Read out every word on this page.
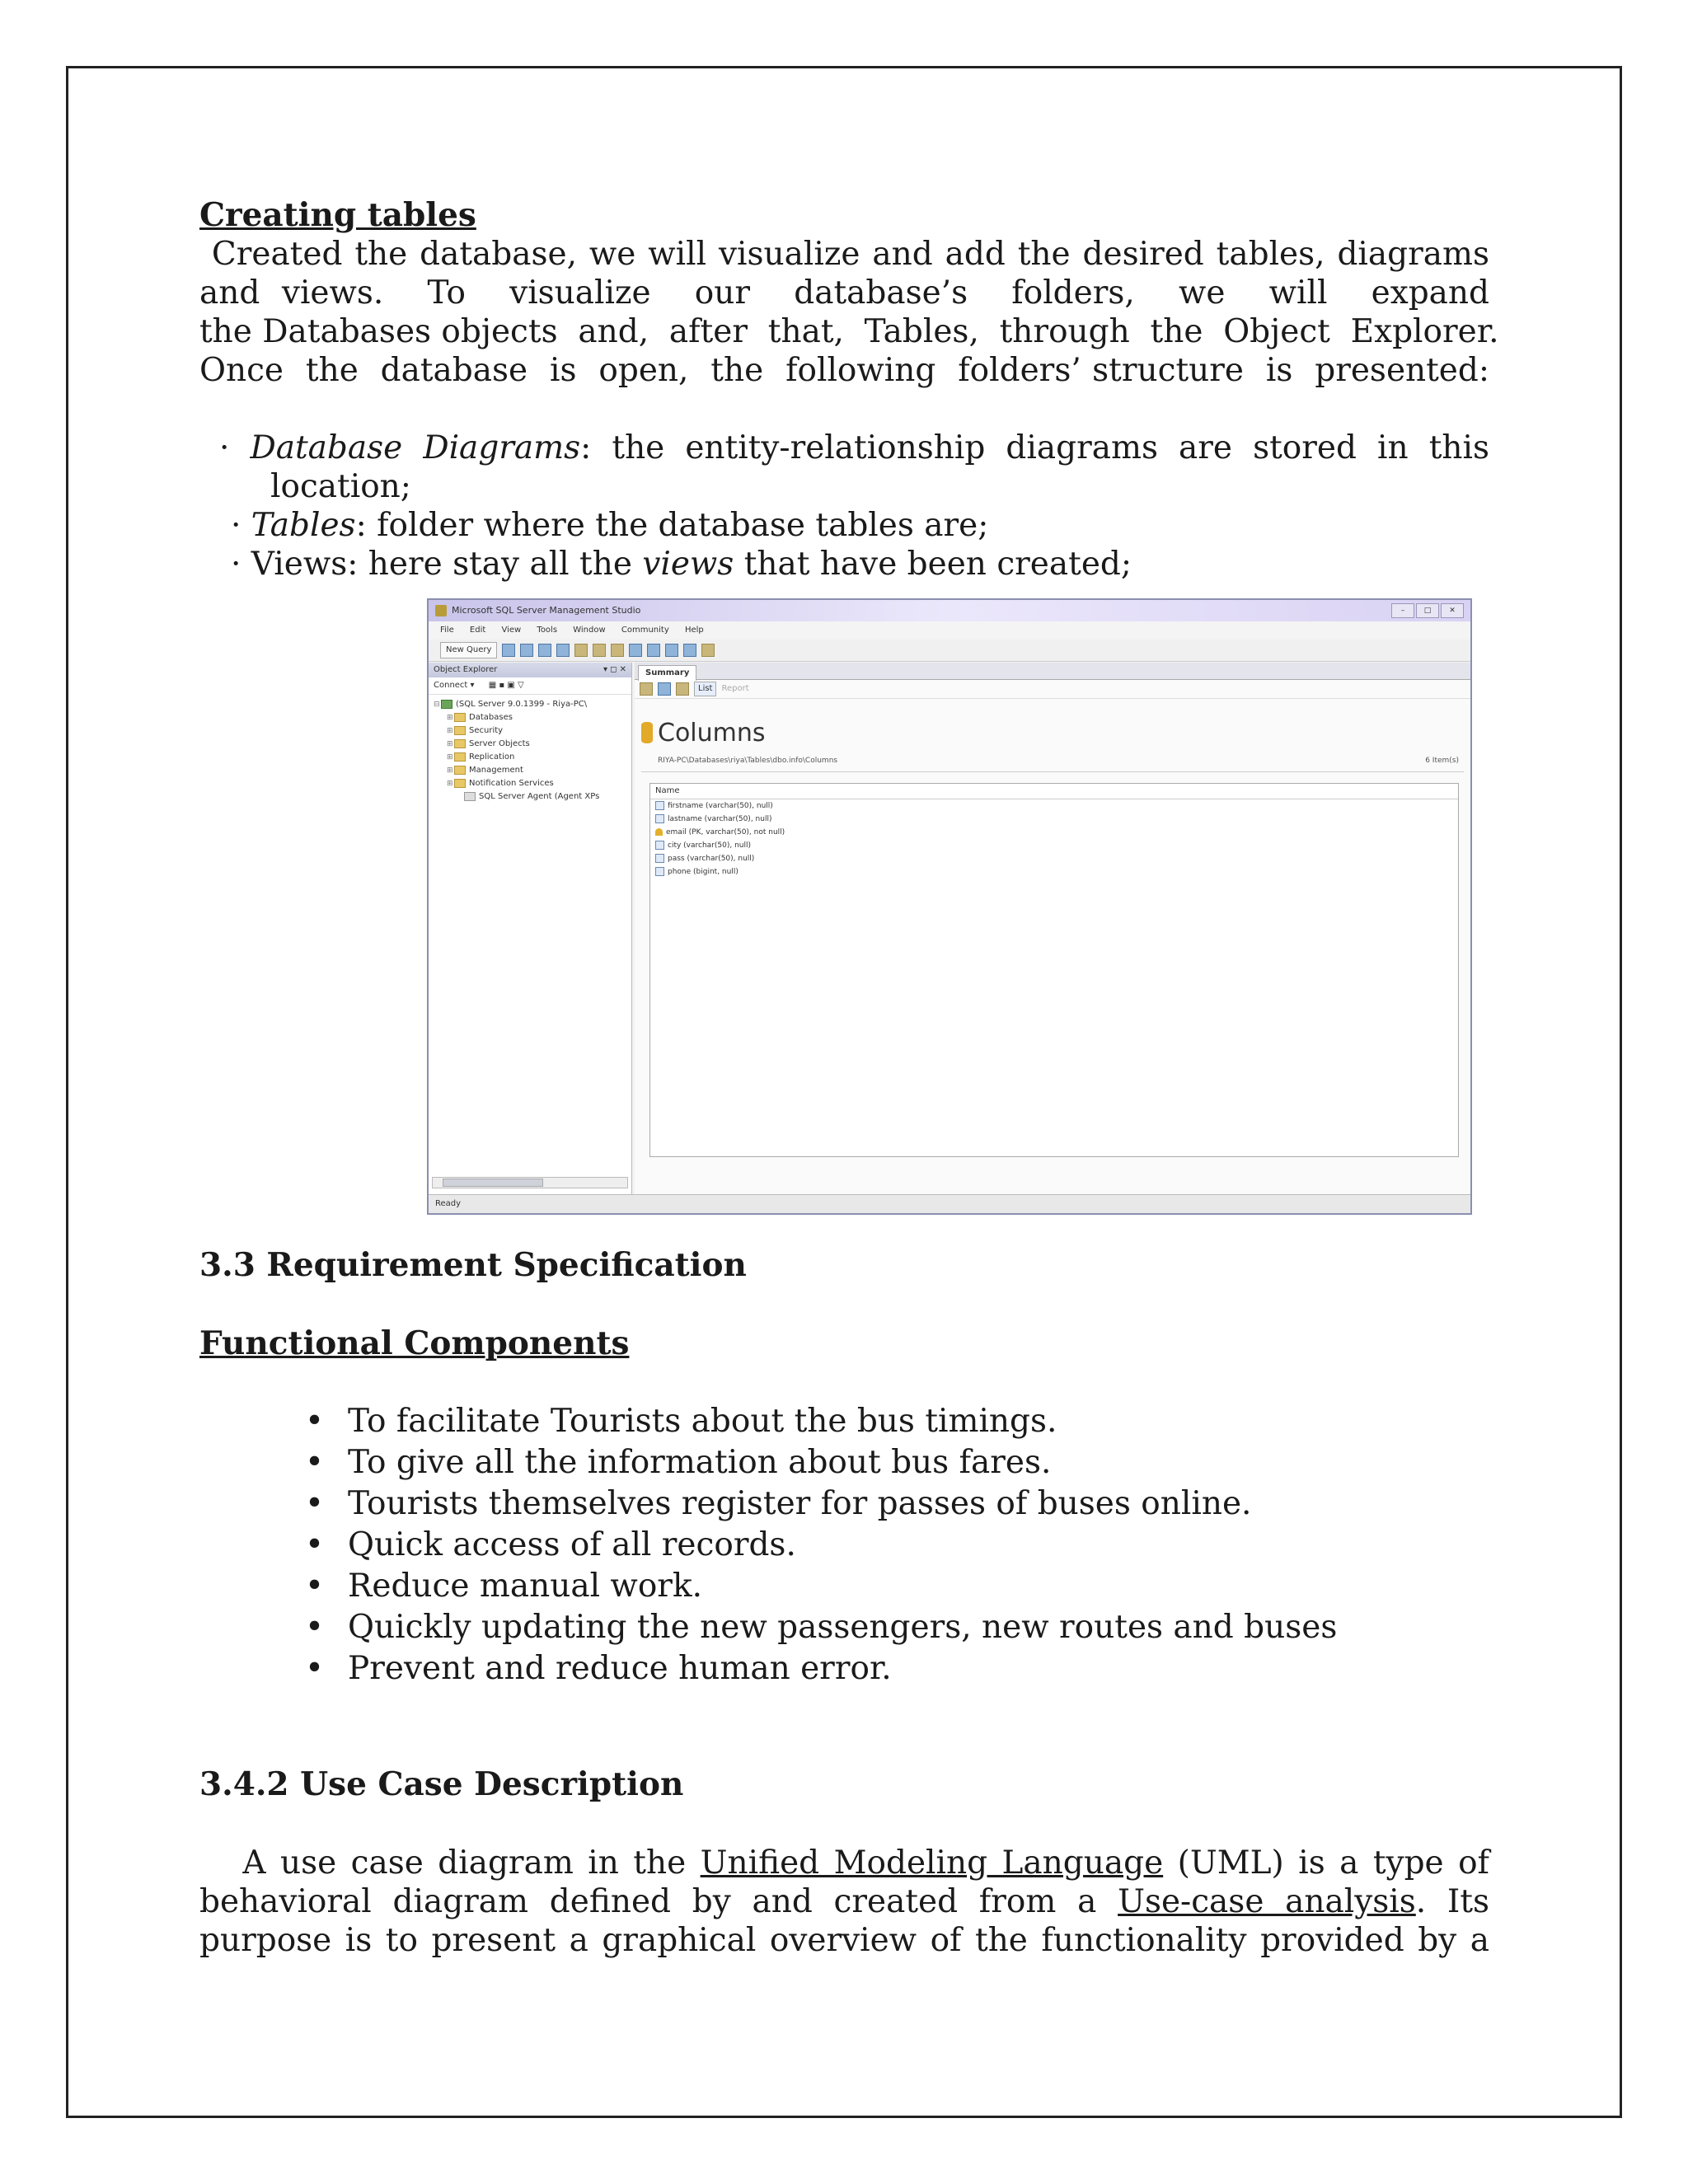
Creating tables

Created the database, we will visualize and add the desired tables, diagrams
and views.  To  visualize  our  database’s  folders,  we  will  expand
the Databases objects  and,  after  that,  Tables,  through  the  Object  Explorer.
Once  the  database  is  open,  the  following  folders’ structure  is  presented:
· Database Diagrams: the entity-relationship diagrams are stored in this
location;
· Tables: folder where the database tables are;
· Views: here stay all the views that have been created;
Microsoft SQL Server Management Studio	–	□	✕
File Edit View Tools Window Community Help
New Query
Object Explorer	▾ ◻ ✕
Connect ▾ ▦ ▪ ▣ ▽
⊟ (SQL Server 9.0.1399 - Riya-PC\
⊞ Databases
⊞ Security
⊞ Server Objects
⊞ Replication
⊞ Management
⊞ Notification Services
SQL Server Agent (Agent XPs
Summary
List	Report
Columns
RIYA-PC\Databases\riya\Tables\dbo.info\Columns	6 Item(s)
Name
firstname (varchar(50), null)
lastname (varchar(50), null)
email (PK, varchar(50), not null)
city (varchar(50), null)
pass (varchar(50), null)
phone (bigint, null)
Ready

3.3 Requirement Specification

Functional Components

• To facilitate Tourists about the bus timings.
• To give all the information about bus fares.
• Tourists themselves register for passes of buses online.
• Quick access of all records.
• Reduce manual work.
• Quickly updating the new passengers, new routes and buses
• Prevent and reduce human error.

3.4.2 Use Case Description

A use case diagram in the Unified Modeling Language (UML) is a type of
behavioral diagram defined by and created from a Use-case analysis. Its
purpose is to present a graphical overview of the functionality provided by a
